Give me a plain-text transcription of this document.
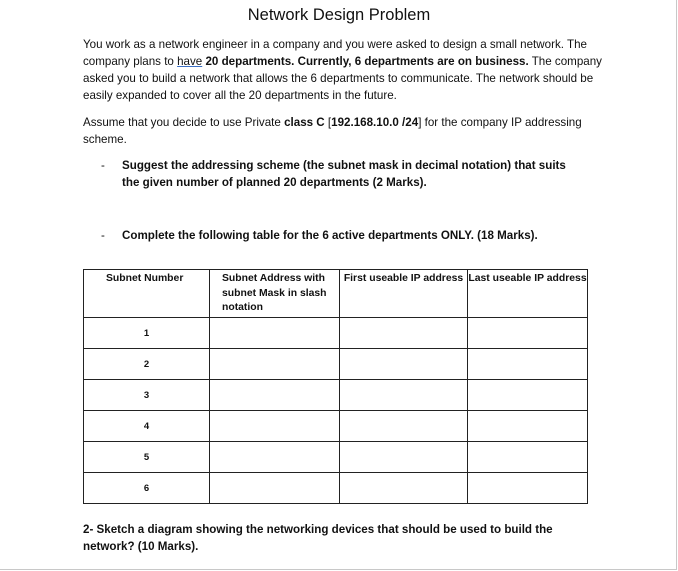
Network Design Problem

You work as a network engineer in a company and you were asked to design a small network. The company plans to have 20 departments. Currently, 6 departments are on business. The company asked you to build a network that allows the 6 departments to communicate. The network should be easily expanded to cover all the 20 departments in the future.

Assume that you decide to use Private class C [192.168.10.0 /24] for the company IP addressing scheme.

- Suggest the addressing scheme (the subnet mask in decimal notation) that suits the given number of planned 20 departments (2 Marks).
- Complete the following table for the 6 active departments ONLY. (18 Marks).
Subnet Number	Subnet Address with subnet Mask in slash notation	First useable IP address	Last useable IP address
1			
2			
3			
4			
5			
6			
2- Sketch a diagram showing the networking devices that should be used to build the network? (10 Marks).
